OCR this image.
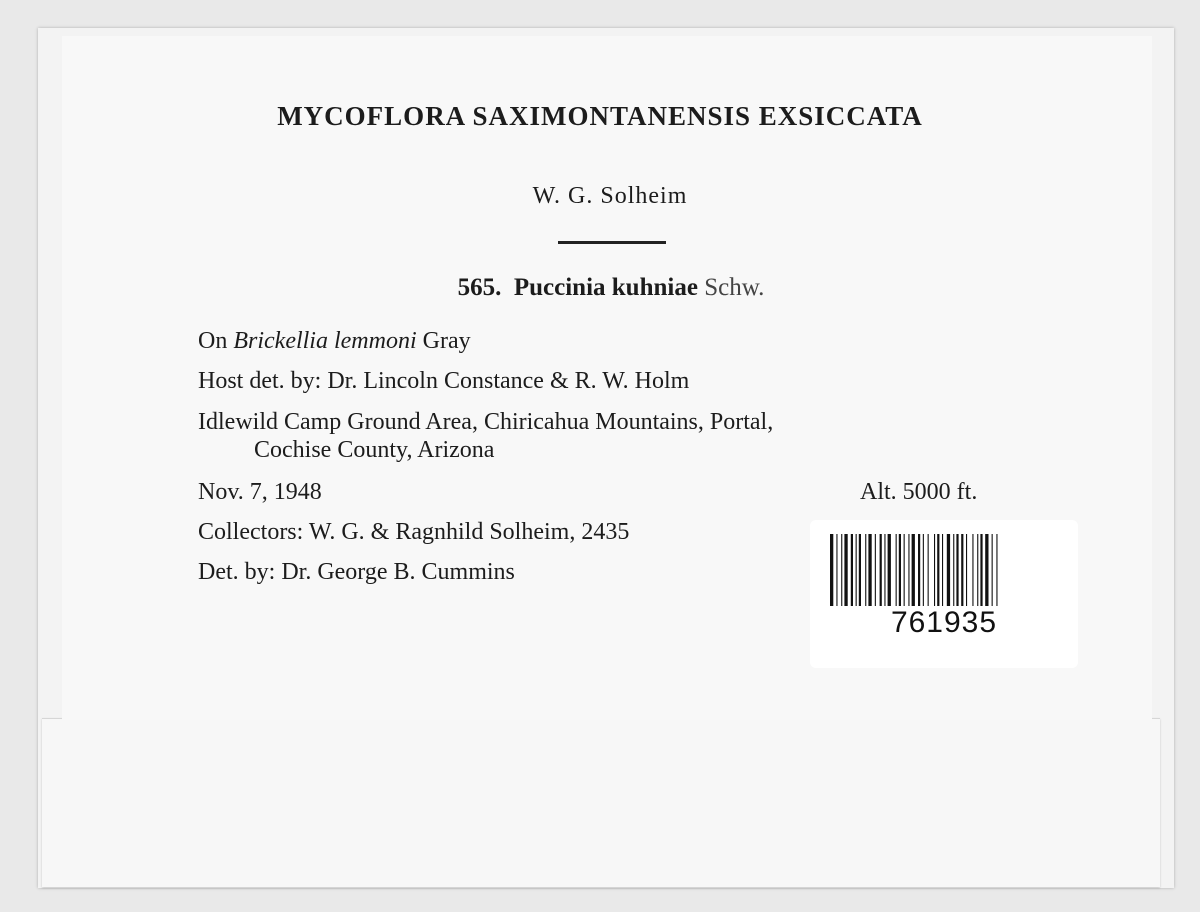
MYCOFLORA SAXIMONTANENSIS EXSICCATA
W. G. Solheim
565. Puccinia kuhniae Schw.
On Brickellia lemmoni Gray
Host det. by: Dr. Lincoln Constance & R. W. Holm
Idlewild Camp Ground Area, Chiricahua Mountains, Portal,
Cochise County, Arizona
Nov. 7, 1948	Alt. 5000 ft.
Collectors: W. G. & Ragnhild Solheim, 2435
Det. by: Dr. George B. Cummins
761935
